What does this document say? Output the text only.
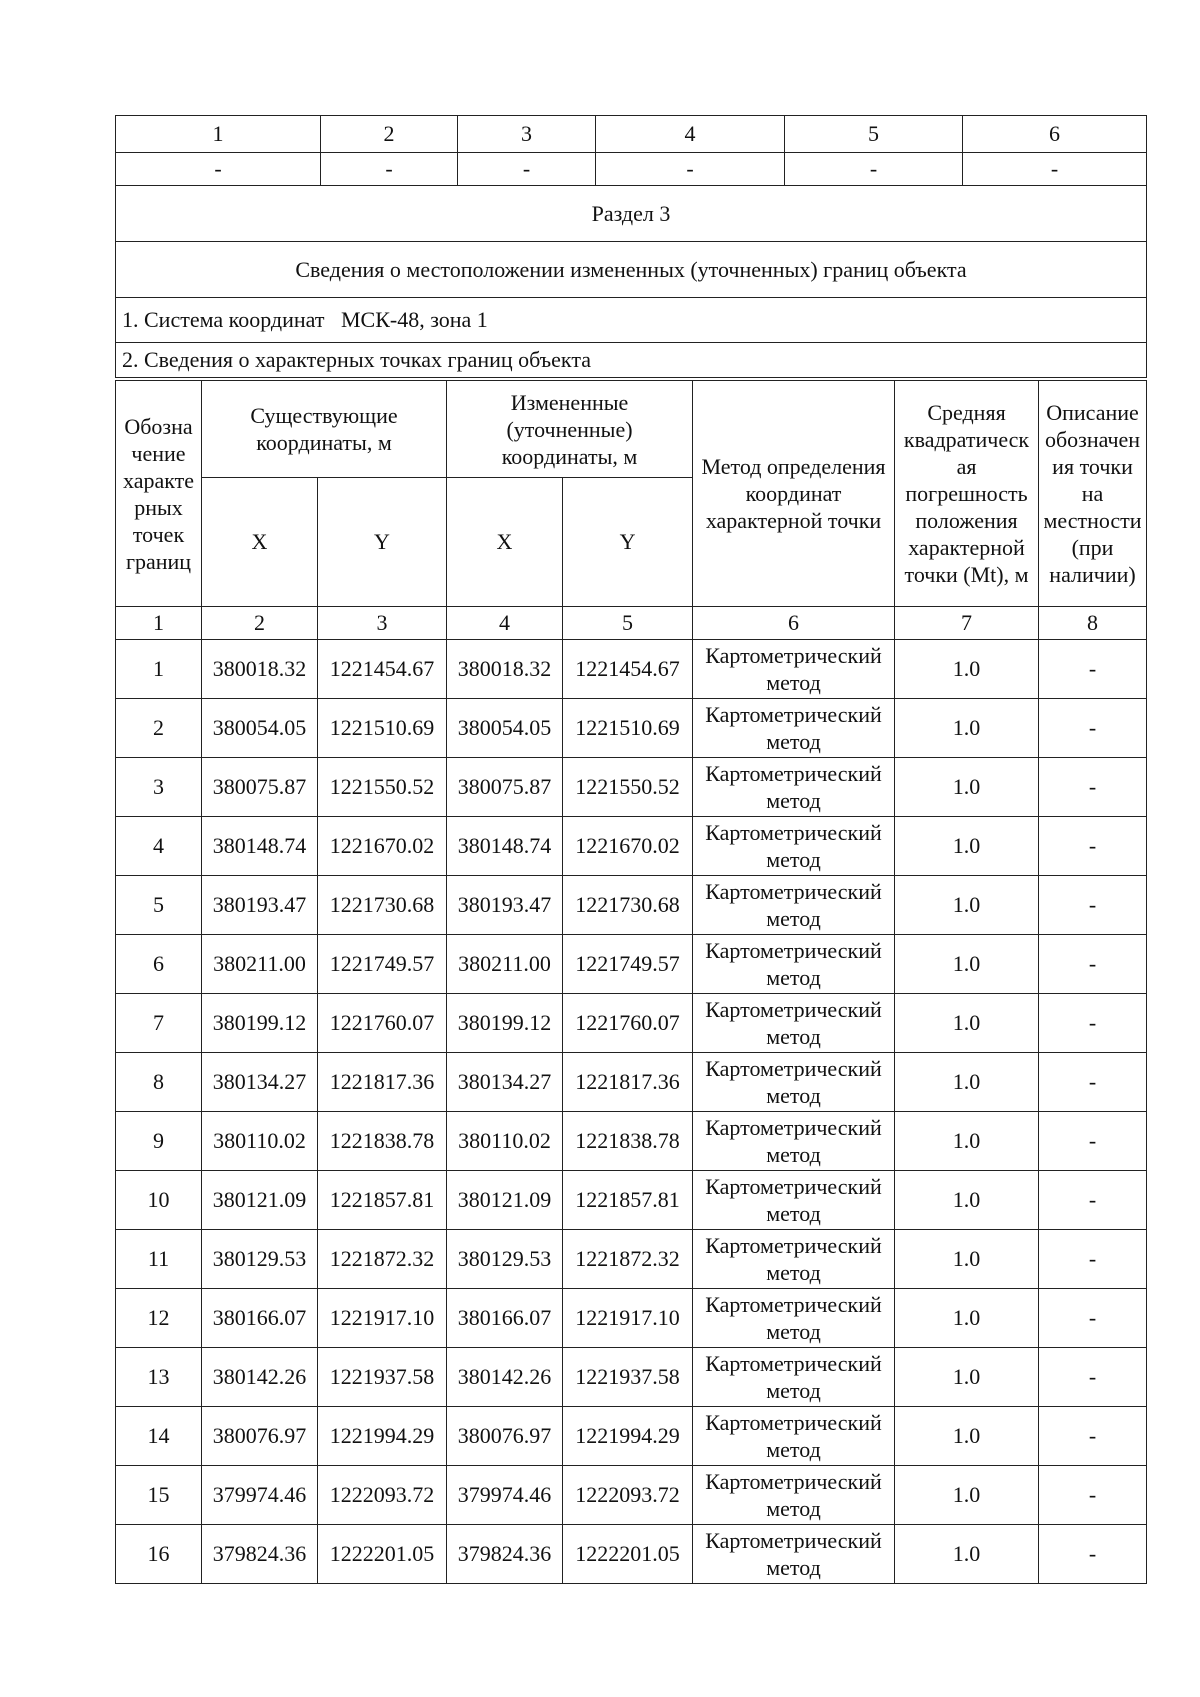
1	2	3	4	5	6
-	-	-	-	-	-
Раздел 3					
Сведения о местоположении измененных (уточненных) границ объекта					
1. Система координат   МСК-48, зона 1					
2. Сведения о характерных точках границ объекта					
Обозна чение характе рных точек границ	Существующие координаты, м		Измененные (уточненные) координаты, м		Метод определения координат характерной точки	Средняя квадратическ ая погрешность положения характерной точки (Mt), м	Описание обозначен ия точки на местности (при наличии)
	X	Y	X	Y			
1	2	3	4	5	6	7	8
1	380018.32	1221454.67	380018.32	1221454.67	Картометрический метод	1.0	-
2	380054.05	1221510.69	380054.05	1221510.69	Картометрический метод	1.0	-
3	380075.87	1221550.52	380075.87	1221550.52	Картометрический метод	1.0	-
4	380148.74	1221670.02	380148.74	1221670.02	Картометрический метод	1.0	-
5	380193.47	1221730.68	380193.47	1221730.68	Картометрический метод	1.0	-
6	380211.00	1221749.57	380211.00	1221749.57	Картометрический метод	1.0	-
7	380199.12	1221760.07	380199.12	1221760.07	Картометрический метод	1.0	-
8	380134.27	1221817.36	380134.27	1221817.36	Картометрический метод	1.0	-
9	380110.02	1221838.78	380110.02	1221838.78	Картометрический метод	1.0	-
10	380121.09	1221857.81	380121.09	1221857.81	Картометрический метод	1.0	-
11	380129.53	1221872.32	380129.53	1221872.32	Картометрический метод	1.0	-
12	380166.07	1221917.10	380166.07	1221917.10	Картометрический метод	1.0	-
13	380142.26	1221937.58	380142.26	1221937.58	Картометрический метод	1.0	-
14	380076.97	1221994.29	380076.97	1221994.29	Картометрический метод	1.0	-
15	379974.46	1222093.72	379974.46	1222093.72	Картометрический метод	1.0	-
16	379824.36	1222201.05	379824.36	1222201.05	Картометрический метод	1.0	-
